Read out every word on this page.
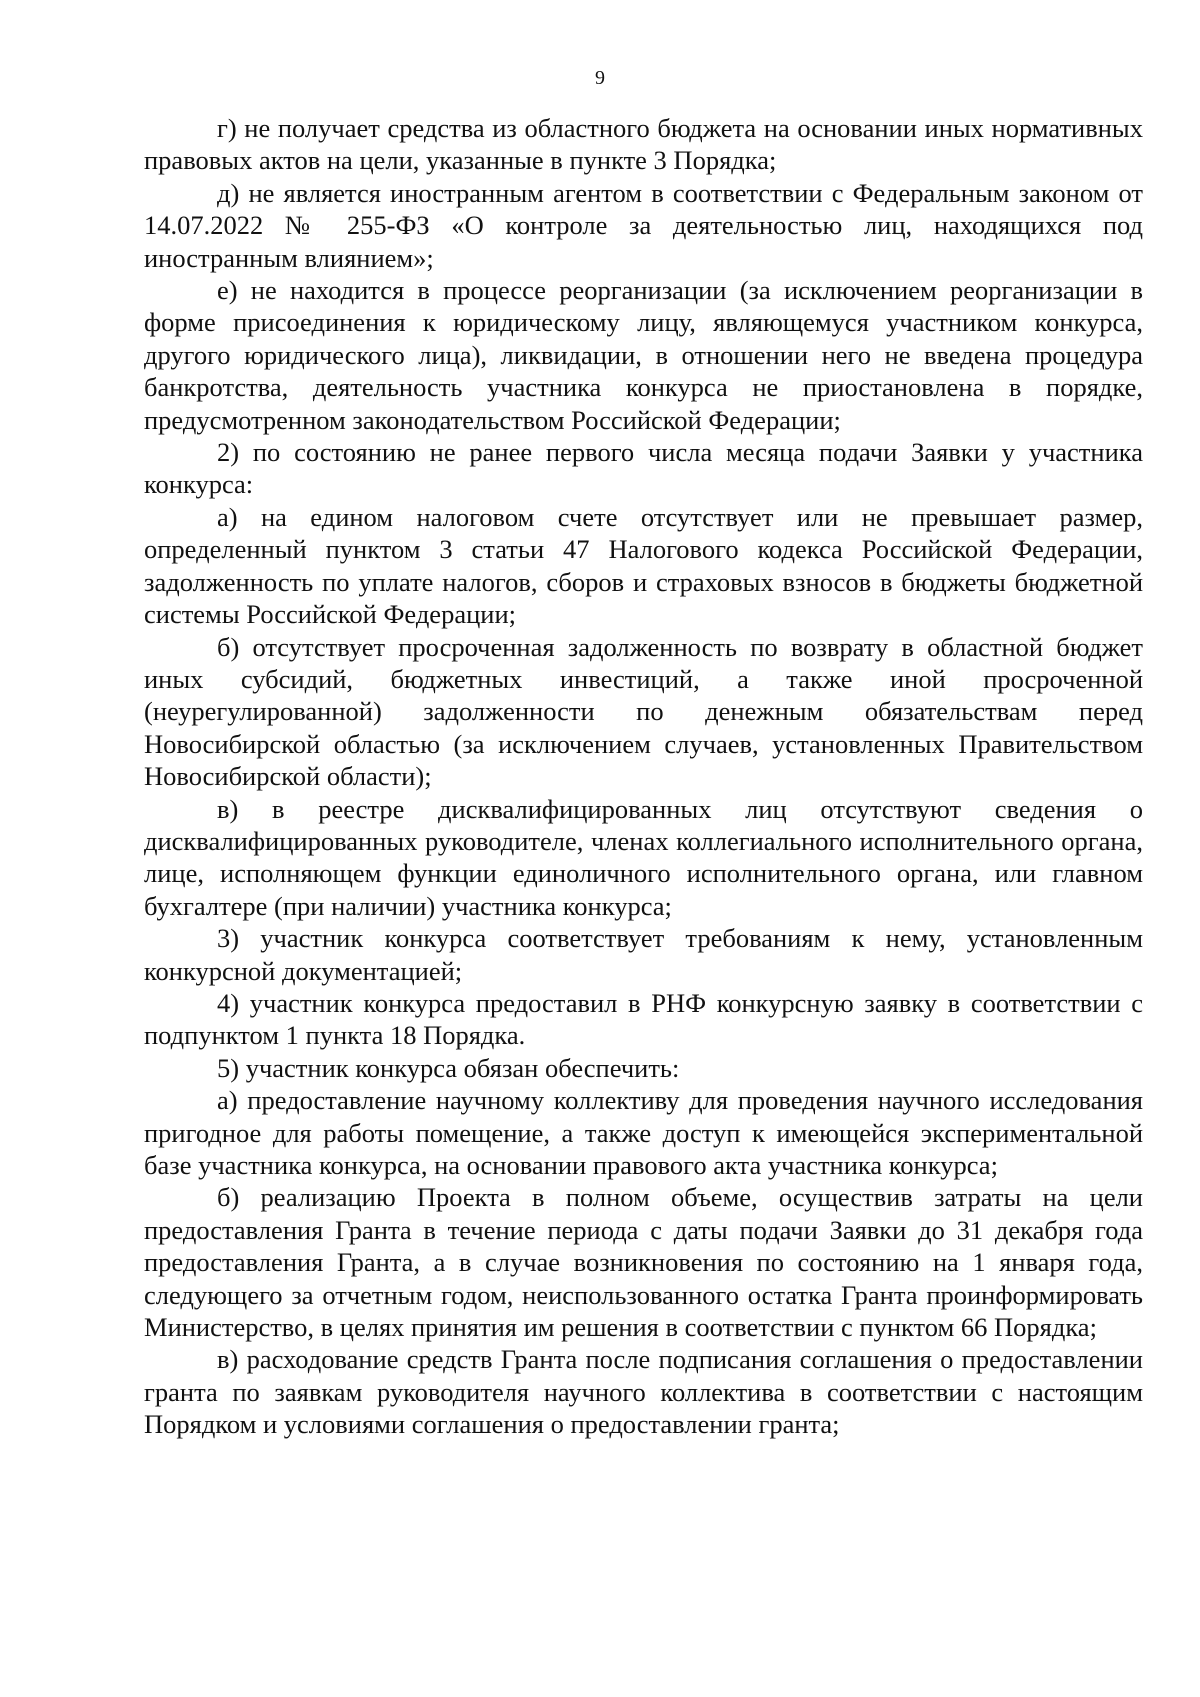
9

г) не получает средства из областного бюджета на основании иных нормативных правовых актов на цели, указанные в пункте 3 Порядка;

д) не является иностранным агентом в соответствии с Федеральным законом от 14.07.2022 № 255-ФЗ «О контроле за деятельностью лиц, находящихся под иностранным влиянием»;

е) не находится в процессе реорганизации (за исключением реорганизации в форме присоединения к юридическому лицу, являющемуся участником конкурса, другого юридического лица), ликвидации, в отношении него не введена процедура банкротства, деятельность участника конкурса не приостановлена в порядке, предусмотренном законодательством Российской Федерации;

2) по состоянию не ранее первого числа месяца подачи Заявки у участника конкурса:

а) на едином налоговом счете отсутствует или не превышает размер, определенный пунктом 3 статьи 47 Налогового кодекса Российской Федерации, задолженность по уплате налогов, сборов и страховых взносов в бюджеты бюджетной системы Российской Федерации;

б) отсутствует просроченная задолженность по возврату в областной бюджет иных субсидий, бюджетных инвестиций, а также иной просроченной (неурегулированной) задолженности по денежным обязательствам перед Новосибирской областью (за исключением случаев, установленных Правительством Новосибирской области);

в) в реестре дисквалифицированных лиц отсутствуют сведения о дисквалифицированных руководителе, членах коллегиального исполнительного органа, лице, исполняющем функции единоличного исполнительного органа, или главном бухгалтере (при наличии) участника конкурса;

3) участник конкурса соответствует требованиям к нему, установленным конкурсной документацией;

4) участник конкурса предоставил в РНФ конкурсную заявку в соответствии с подпунктом 1 пункта 18 Порядка.

5) участник конкурса обязан обеспечить:

а) предоставление научному коллективу для проведения научного исследования пригодное для работы помещение, а также доступ к имеющейся экспериментальной базе участника конкурса, на основании правового акта участника конкурса;

б) реализацию Проекта в полном объеме, осуществив затраты на цели предоставления Гранта в течение периода с даты подачи Заявки до 31 декабря года предоставления Гранта, а в случае возникновения по состоянию на 1 января года, следующего за отчетным годом, неиспользованного остатка Гранта проинформировать Министерство, в целях принятия им решения в соответствии с пунктом 66 Порядка;

в) расходование средств Гранта после подписания соглашения о предоставлении гранта по заявкам руководителя научного коллектива в соответствии с настоящим Порядком и условиями соглашения о предоставлении гранта;
